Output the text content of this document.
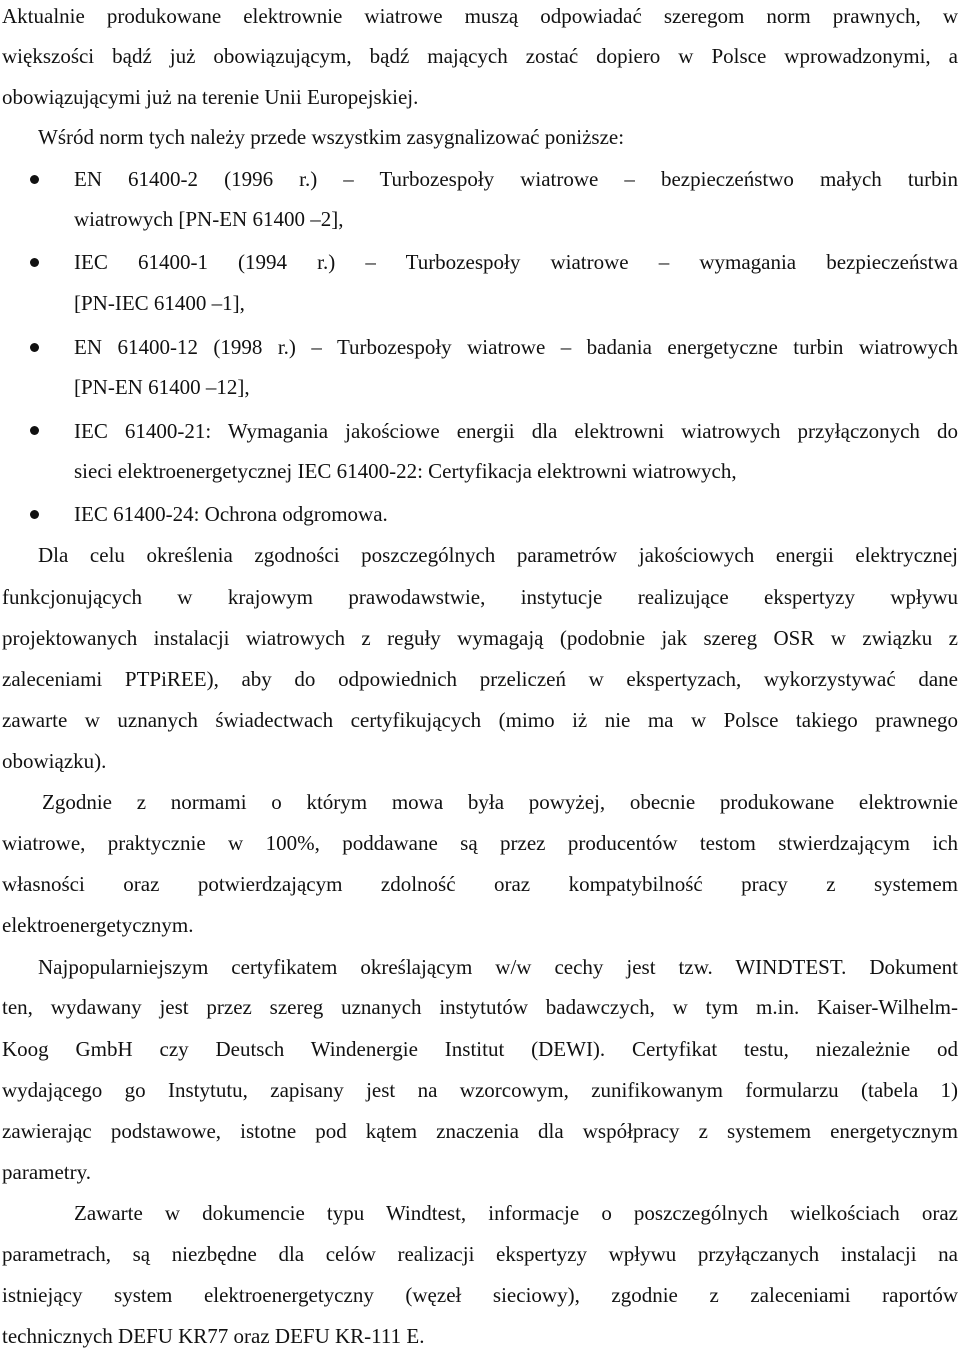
Aktualnie produkowane elektrownie wiatrowe muszą odpowiadać szeregom norm prawnych, w
większości bądź już obowiązującym, bądź mających zostać dopiero w Polsce wprowadzonymi, a
obowiązującymi już na terenie Unii Europejskiej.
Wśród norm tych należy przede wszystkim zasygnalizować poniższe:
EN 61400-2 (1996 r.) – Turbozespoły wiatrowe – bezpieczeństwo małych turbin
wiatrowych [PN-EN 61400 –2],
IEC 61400-1 (1994 r.) – Turbozespoły wiatrowe – wymagania bezpieczeństwa
[PN-IEC 61400 –1],
EN 61400-12 (1998 r.) – Turbozespoły wiatrowe – badania energetyczne turbin wiatrowych
[PN-EN 61400 –12],
IEC 61400-21: Wymagania jakościowe energii dla elektrowni wiatrowych przyłączonych do
sieci elektroenergetycznej IEC 61400-22: Certyfikacja elektrowni wiatrowych,
IEC 61400-24: Ochrona odgromowa.
Dla celu określenia zgodności poszczególnych parametrów jakościowych energii elektrycznej
funkcjonujących w krajowym prawodawstwie, instytucje realizujące ekspertyzy wpływu
projektowanych instalacji wiatrowych z reguły wymagają (podobnie jak szereg OSR w związku z
zaleceniami PTPiREE), aby do odpowiednich przeliczeń w ekspertyzach, wykorzystywać dane
zawarte w uznanych świadectwach certyfikujących (mimo iż nie ma w Polsce takiego prawnego
obowiązku).
Zgodnie z normami o którym mowa była powyżej, obecnie produkowane elektrownie
wiatrowe, praktycznie w 100%, poddawane są przez producentów testom stwierdzającym ich
własności oraz potwierdzającym zdolność oraz kompatybilność pracy z systemem
elektroenergetycznym.
Najpopularniejszym certyfikatem określającym w/w cechy jest tzw. WINDTEST. Dokument
ten, wydawany jest przez szereg uznanych instytutów badawczych, w tym m.in. Kaiser-Wilhelm-
Koog GmbH czy Deutsch Windenergie Institut (DEWI). Certyfikat testu, niezależnie od
wydającego go Instytutu, zapisany jest na wzorcowym, zunifikowanym formularzu (tabela 1)
zawierając podstawowe, istotne pod kątem znaczenia dla współpracy z systemem energetycznym
parametry.
Zawarte w dokumencie typu Windtest, informacje o poszczególnych wielkościach oraz
parametrach, są niezbędne dla celów realizacji ekspertyzy wpływu przyłączanych instalacji na
istniejący system elektroenergetyczny (węzeł sieciowy), zgodnie z zaleceniami raportów
technicznych DEFU KR77 oraz DEFU KR-111 E.
